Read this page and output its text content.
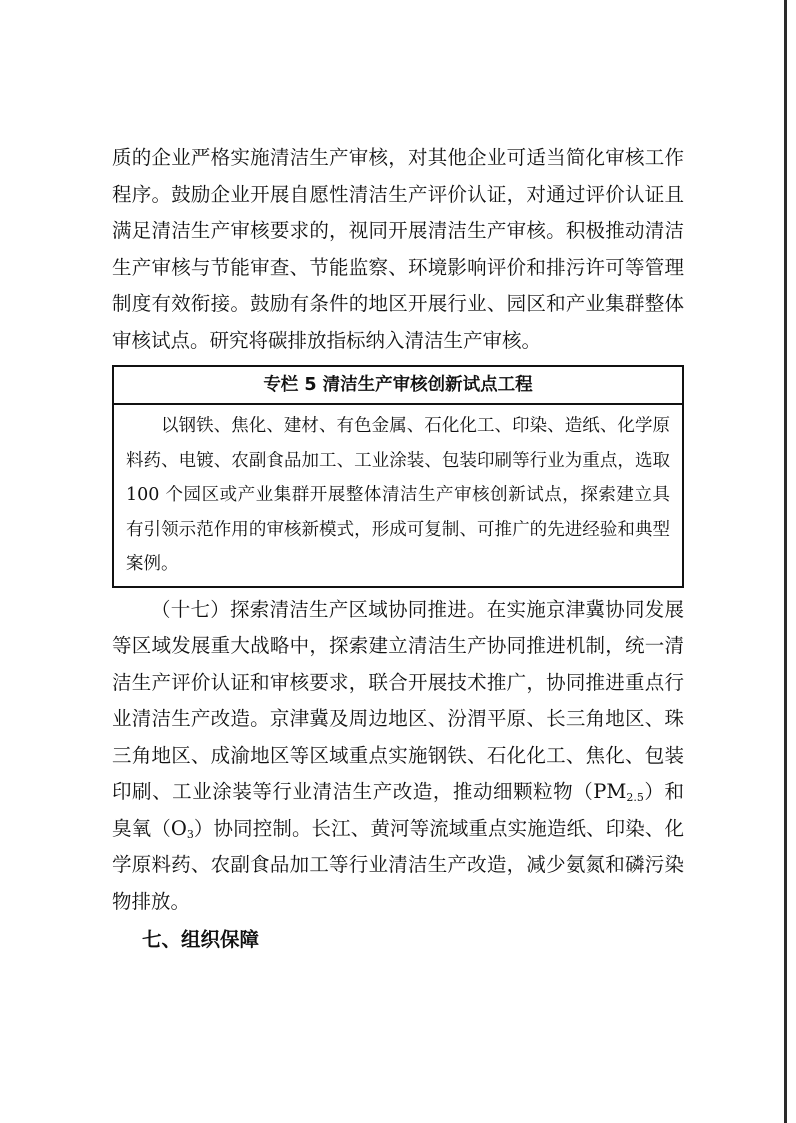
质的企业严格实施清洁生产审核，对其他企业可适当简化审核工作程序。鼓励企业开展自愿性清洁生产评价认证，对通过评价认证且满足清洁生产审核要求的，视同开展清洁生产审核。积极推动清洁生产审核与节能审查、节能监察、环境影响评价和排污许可等管理制度有效衔接。鼓励有条件的地区开展行业、园区和产业集群整体审核试点。研究将碳排放指标纳入清洁生产审核。

专栏 5 清洁生产审核创新试点工程
以钢铁、焦化、建材、有色金属、石化化工、印染、造纸、化学原料药、电镀、农副食品加工、工业涂装、包装印刷等行业为重点，选取 100 个园区或产业集群开展整体清洁生产审核创新试点，探索建立具有引领示范作用的审核新模式，形成可复制、可推广的先进经验和典型案例。

（十七）探索清洁生产区域协同推进。在实施京津冀协同发展等区域发展重大战略中，探索建立清洁生产协同推进机制，统一清洁生产评价认证和审核要求，联合开展技术推广，协同推进重点行业清洁生产改造。京津冀及周边地区、汾渭平原、长三角地区、珠三角地区、成渝地区等区域重点实施钢铁、石化化工、焦化、包装印刷、工业涂装等行业清洁生产改造，推动细颗粒物$(PM_{2.5})$和臭氧$(O_3)$协同控制。长江、黄河等流域重点实施造纸、印染、化学原料药、农副食品加工等行业清洁生产改造，减少氨氮和磷污染物排放。

七、组织保障
